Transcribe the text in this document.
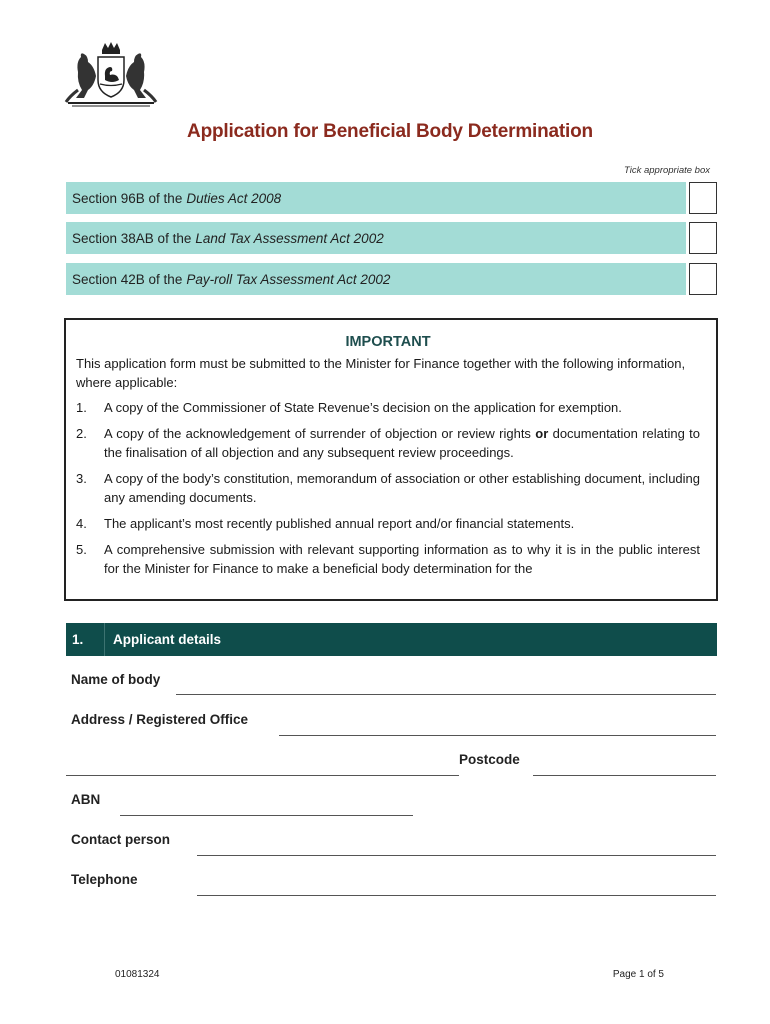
Application for Beneficial Body Determination
Tick appropriate box
Section 96B of the Duties Act 2008
Section 38AB of the Land Tax Assessment Act 2002
Section 42B of the Pay-roll Tax Assessment Act 2002
IMPORTANT

This application form must be submitted to the Minister for Finance together with the following information, where applicable:

1.	A copy of the Commissioner of State Revenue’s decision on the application for exemption.
2.	A copy of the acknowledgement of surrender of objection or review rights or documentation relating to the finalisation of all objection and any subsequent review proceedings.
3.	A copy of the body’s constitution, memorandum of association or other establishing document, including any amending documents.
4.	The applicant’s most recently published annual report and/or financial statements.
5.	A comprehensive submission with relevant supporting information as to why it is in the public interest for the Minister for Finance to make a beneficial body determination for the
1.	Applicant details
Name of body
Address / Registered Office
Postcode
ABN
Contact person
Telephone
01081324	Page 1 of 5
